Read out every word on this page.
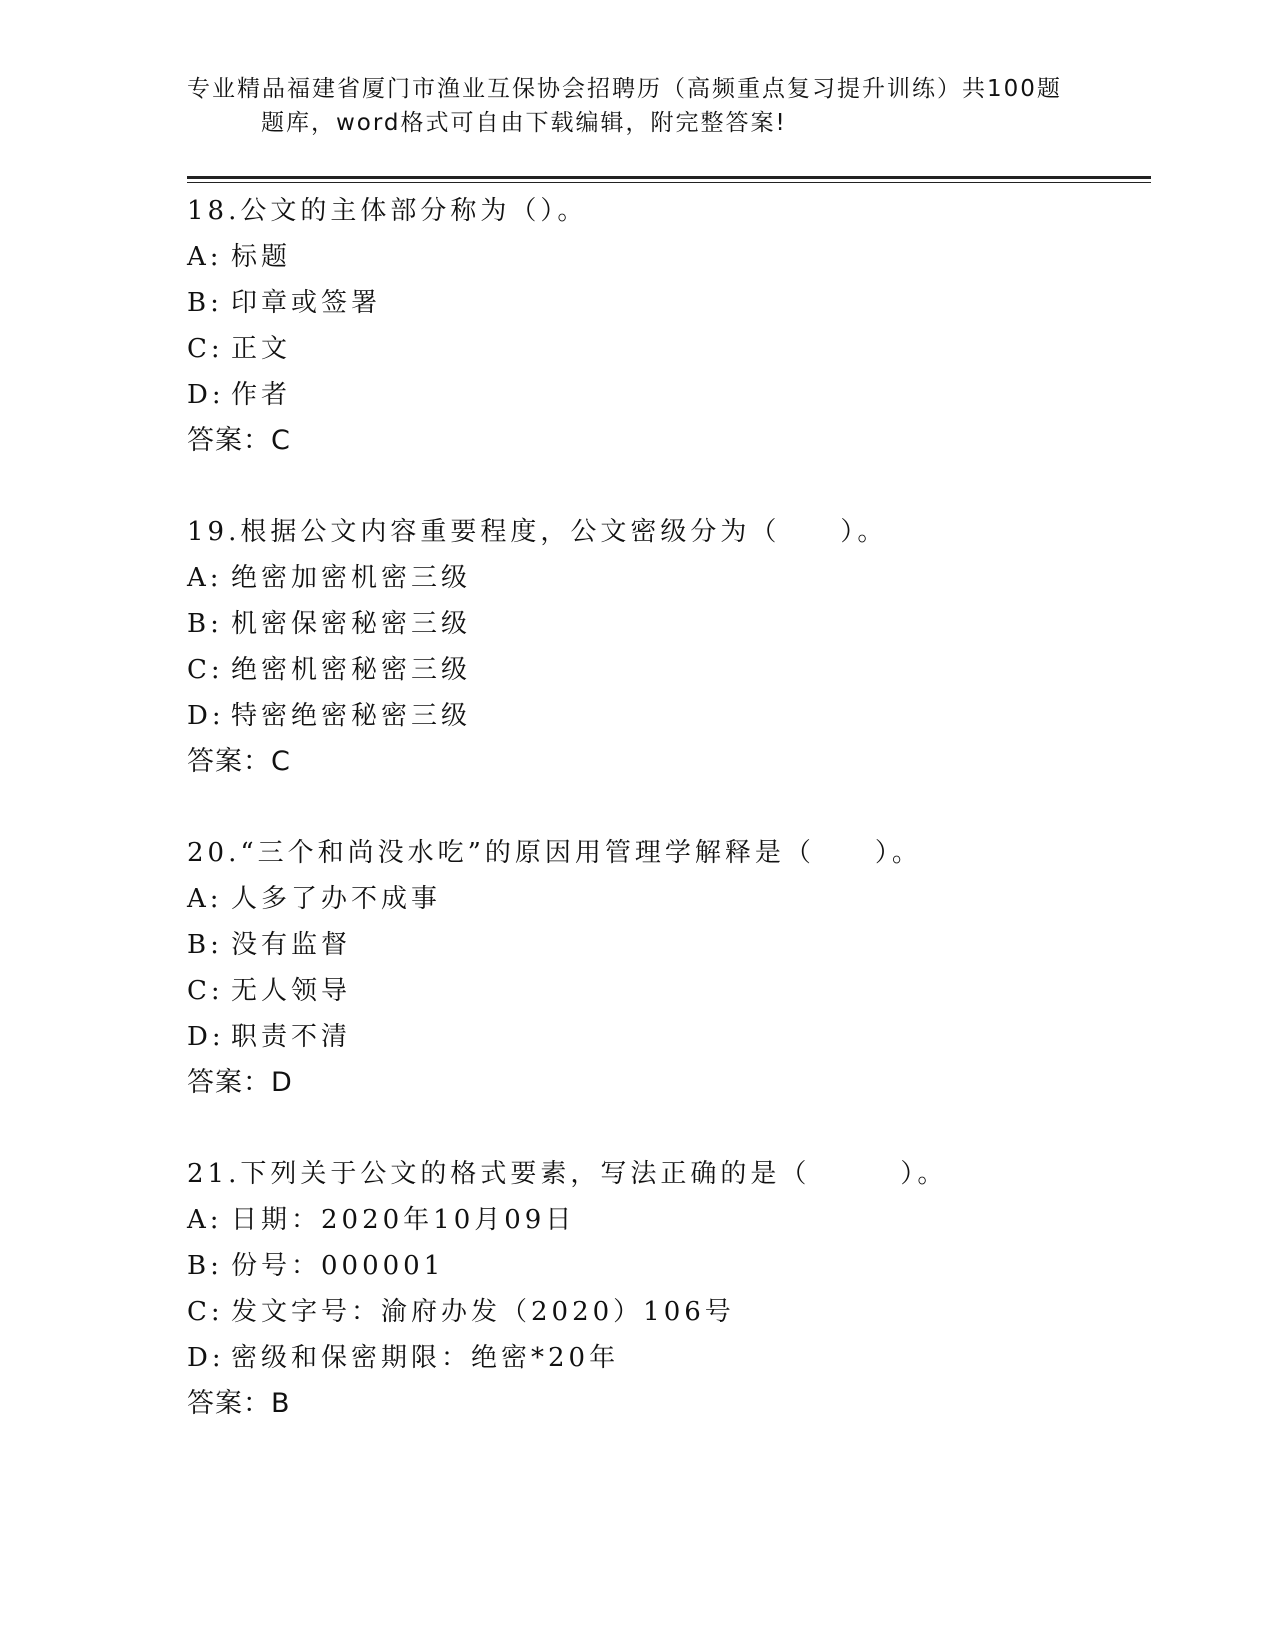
专业精品福建省厦门市渔业互保协会招聘历（高频重点复习提升训练）共100题
题库，word格式可自由下载编辑，附完整答案!
18.公文的主体部分称为（）。
A: 标题
B: 印章或签署
C: 正文
D: 作者
答案：C
19.根据公文内容重要程度，公文密级分为（　　）。
A: 绝密加密机密三级
B: 机密保密秘密三级
C: 绝密机密秘密三级
D: 特密绝密秘密三级
答案：C
20.“三个和尚没水吃”的原因用管理学解释是（　　）。
A: 人多了办不成事
B: 没有监督
C: 无人领导
D: 职责不清
答案：D
21.下列关于公文的格式要素，写法正确的是（　　　）。
A: 日期：2020年10月09日
B: 份号：000001
C: 发文字号：渝府办发（2020）106号
D: 密级和保密期限：绝密*20年
答案：B
